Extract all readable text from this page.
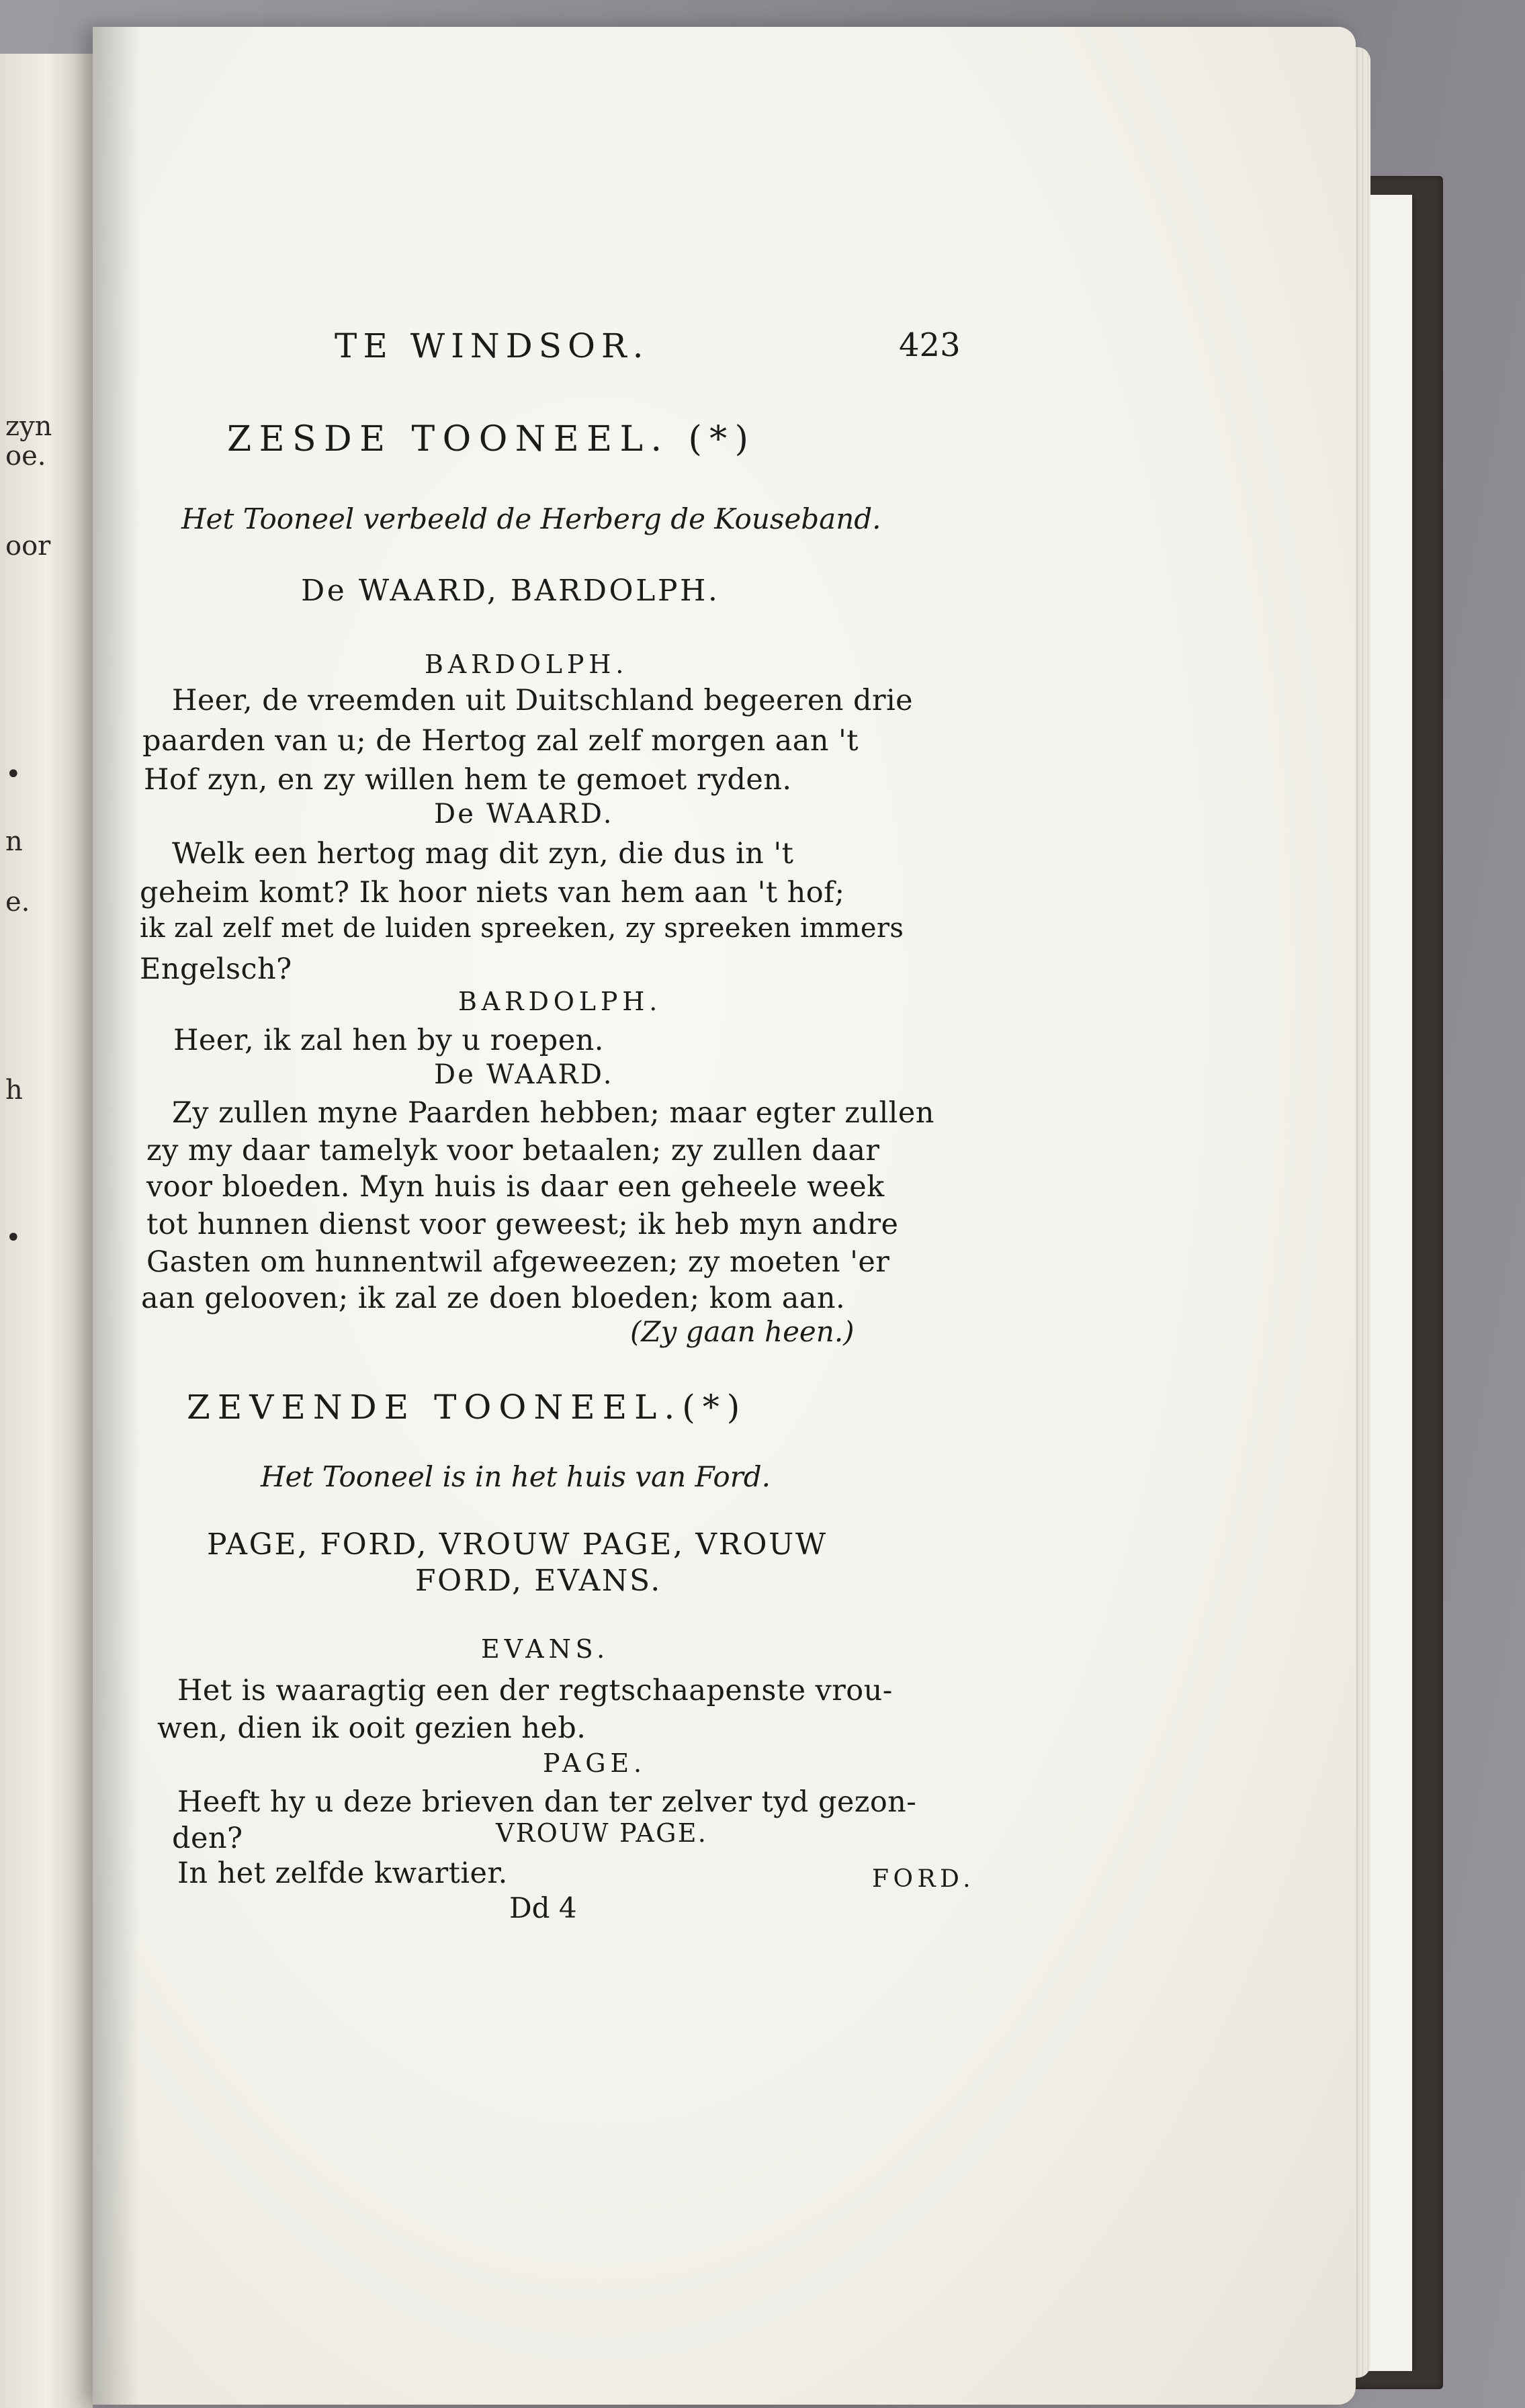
zyn
oe.
oor
•
n
e.
h
•
TE WINDSOR.	423
ZESDE TOONEEL. (*)
Het Tooneel verbeeld de Herberg de Kouseband.
De WAARD, BARDOLPH.
BARDOLPH.
Heer, de vreemden uit Duitschland begeeren drie
paarden van u; de Hertog zal zelf morgen aan 't
Hof zyn, en zy willen hem te gemoet ryden.
De WAARD.
Welk een hertog mag dit zyn, die dus in 't
geheim komt? Ik hoor niets van hem aan 't hof;
ik zal zelf met de luiden spreeken, zy spreeken immers
Engelsch?
BARDOLPH.
Heer, ik zal hen by u roepen.
De WAARD.
Zy zullen myne Paarden hebben; maar egter zullen
zy my daar tamelyk voor betaalen; zy zullen daar
voor bloeden. Myn huis is daar een geheele week
tot hunnen dienst voor geweest; ik heb myn andre
Gasten om hunnentwil afgeweezen; zy moeten 'er
aan gelooven; ik zal ze doen bloeden; kom aan.
(Zy gaan heen.)
ZEVENDE TOONEEL.(*)
Het Tooneel is in het huis van Ford.
PAGE, FORD, VROUW PAGE, VROUW
FORD, EVANS.
EVANS.
Het is waaragtig een der regtschaapenste vrou-
wen, dien ik ooit gezien heb.
PAGE.
Heeft hy u deze brieven dan ter zelver tyd gezon-
den?	VROUW PAGE.
In het zelfde kwartier.
Dd 4
FORD.
